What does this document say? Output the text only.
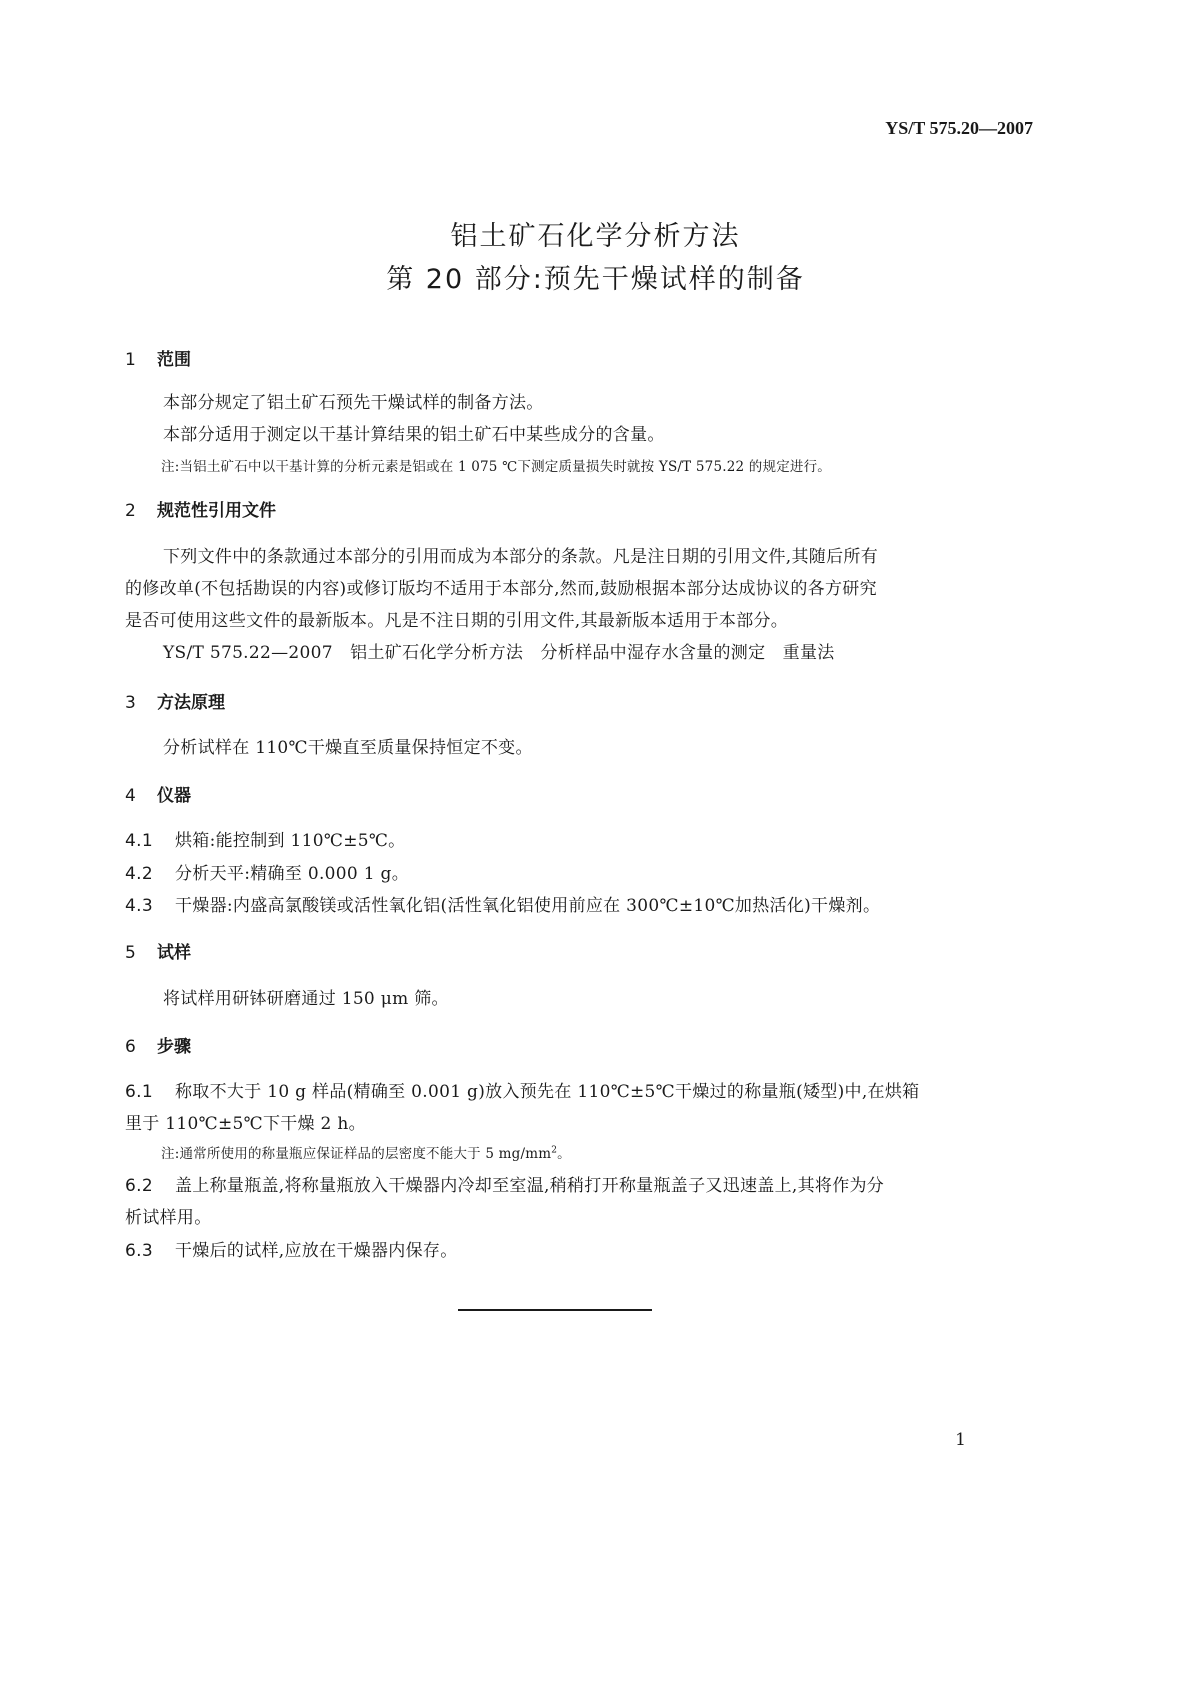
YS/T 575.20—2007
铝土矿石化学分析方法
第 20 部分:预先干燥试样的制备
1 范围
本部分规定了铝土矿石预先干燥试样的制备方法。
本部分适用于测定以干基计算结果的铝土矿石中某些成分的含量。
注:当铝土矿石中以干基计算的分析元素是铝或在 1 075 ℃下测定质量损失时就按 YS/T 575.22 的规定进行。
2 规范性引用文件
下列文件中的条款通过本部分的引用而成为本部分的条款。凡是注日期的引用文件,其随后所有
的修改单(不包括勘误的内容)或修订版均不适用于本部分,然而,鼓励根据本部分达成协议的各方研究
是否可使用这些文件的最新版本。凡是不注日期的引用文件,其最新版本适用于本部分。
YS/T 575.22—2007　铝土矿石化学分析方法　分析样品中湿存水含量的测定　重量法
3 方法原理
分析试样在 110℃干燥直至质量保持恒定不变。
4 仪器
4.1 烘箱:能控制到 110℃±5℃。
4.2 分析天平:精确至 0.000 1 g。
4.3 干燥器:内盛高氯酸镁或活性氧化铝(活性氧化铝使用前应在 300℃±10℃加热活化)干燥剂。
5 试样
将试样用研钵研磨通过 150 μm 筛。
6 步骤
6.1 称取不大于 10 g 样品(精确至 0.001 g)放入预先在 110℃±5℃干燥过的称量瓶(矮型)中,在烘箱
里于 110℃±5℃下干燥 2 h。
注:通常所使用的称量瓶应保证样品的层密度不能大于 5 $mg/mm^2$。
6.2 盖上称量瓶盖,将称量瓶放入干燥器内冷却至室温,稍稍打开称量瓶盖子又迅速盖上,其将作为分
析试样用。
6.3 干燥后的试样,应放在干燥器内保存。
1
